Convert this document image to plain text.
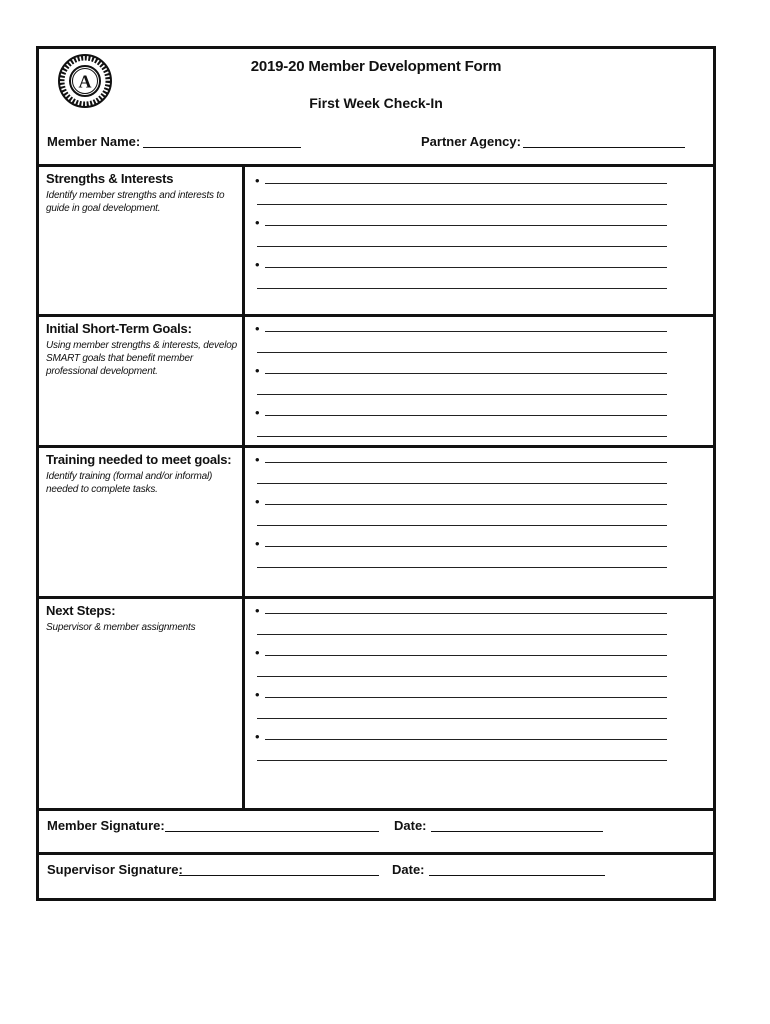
A
2019-20 Member Development Form
First Week Check-In
Member Name:	Partner Agency:
Strengths & Interests
Identify member strengths and interests to guide in goal development.
•
•
•
Initial Short-Term Goals:
Using member strengths & interests, develop SMART goals that benefit member professional development.
•
•
•
Training needed to meet goals:
Identify training (formal and/or informal) needed to complete tasks.
•
•
•
Next Steps:
Supervisor & member assignments
•
•
•
•
Member Signature:	Date:
Supervisor Signature:	Date:
